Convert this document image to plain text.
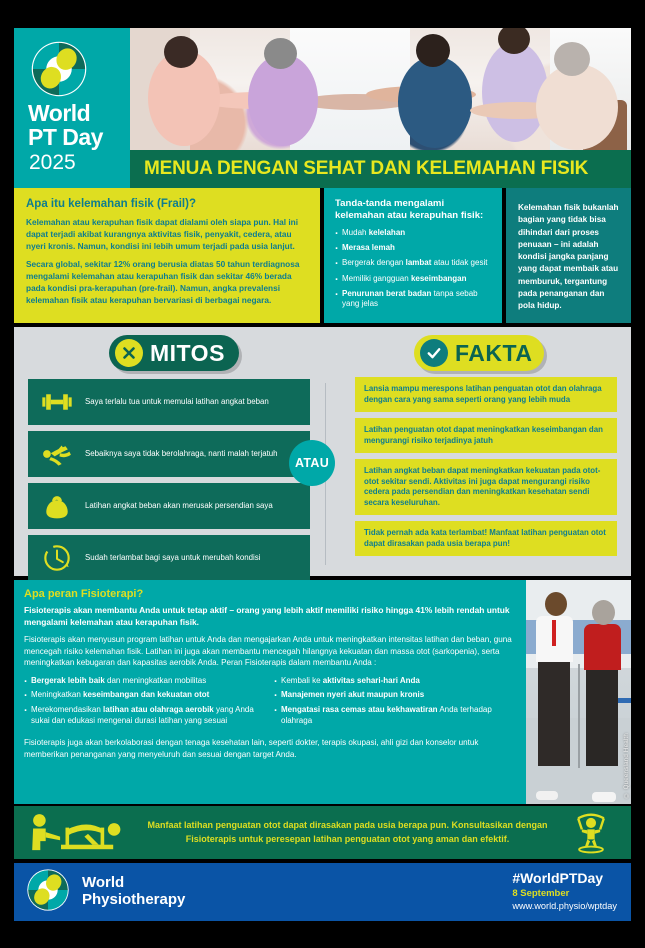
World
PT Day
2025	MENUA DENGAN SEHAT DAN KELEMAHAN FISIK
Apa itu kelemahan fisik (Frail)?

Kelemahan atau kerapuhan fisik dapat dialami oleh siapa pun. Hal ini dapat terjadi akibat kurangnya aktivitas fisik, penyakit, cedera, atau nyeri kronis. Namun, kondisi ini lebih umum terjadi pada usia lanjut.

Secara global, sekitar 12% orang berusia diatas 50 tahun terdiagnosa mengalami kelemahan atau kerapuhan fisik dan sekitar 46% berada pada kondisi pra-kerapuhan (pre-frail). Namun, angka prevalensi kelemahan fisik atau kerapuhan bervariasi di berbagai negara.

Tanda-tanda mengalami kelemahan atau kerapuhan fisik:
· Mudah kelelahan
· Merasa lemah
· Bergerak dengan lambat atau tidak gesit
· Memiliki gangguan keseimbangan
· Penurunan berat badan tanpa sebab yang jelas

Kelemahan fisik bukanlah bagian yang tidak bisa dihindari dari proses penuaan – ini adalah kondisi jangka panjang yang dapat membaik atau memburuk, tergantung pada penanganan dan pola hidup.

MITOS	FAKTA

Saya terlalu tua untuk memulai latihan angkat beban

Sebaiknya saya tidak berolahraga, nanti malah terjatuh

Latihan angkat beban akan merusak persendian saya

Sudah terlambat bagi saya untuk merubah kondisi

Lansia mampu merespons latihan penguatan otot dan olahraga dengan cara yang sama seperti orang yang lebih muda

Latihan penguatan otot dapat meningkatkan keseimbangan dan mengurangi risiko terjadinya jatuh

Latihan angkat beban dapat meningkatkan kekuatan pada otot-otot sekitar sendi. Aktivitas ini juga dapat mengurangi risiko cedera pada persendian dan meningkatkan kesehatan sendi secara keseluruhan.

Tidak pernah ada kata terlambat! Manfaat latihan penguatan otot dapat dirasakan pada usia berapa pun!

ATAU
Apa peran Fisioterapi?
Fisioterapis akan membantu Anda untuk tetap aktif – orang yang lebih aktif memiliki risiko hingga 41% lebih rendah untuk mengalami kelemahan atau kerapuhan fisik.
Fisioterapis akan menyusun program latihan untuk Anda dan mengajarkan Anda untuk meningkatkan intensitas latihan dan beban, guna mencegah risiko kelemahan fisik. Latihan ini juga akan membantu mencegah hilangnya kekuatan dan massa otot (sarkopenia), serta meningkatkan kebugaran dan kapasitas aerobik Anda. Peran Fisioterapis dalam membantu Anda :
· Bergerak lebih baik dan meningkatkan mobilitas
· Meningkatkan keseimbangan dan kekuatan otot
· Merekomendasikan latihan atau olahraga aerobik yang Anda sukai dan edukasi mengenai durasi latihan yang sesuai
· Kembali ke aktivitas sehari-hari Anda
· Manajemen nyeri akut maupun kronis
· Mengatasi rasa cemas atau kekhawatiran Anda terhadap olahraga
Fisioterapis juga akan berkolaborasi dengan tenaga kesehatan lain, seperti dokter, terapis okupasi, ahli gizi dan konselor untuk memberikan penanganan yang menyeluruh dan sesuai dengan target Anda.	© Queensland Health

Manfaat latihan penguatan otot dapat dirasakan pada usia berapa pun. Konsultasikan dengan Fisioterapis untuk peresepan latihan penguatan otot yang aman dan efektif.

World
Physiotherapy
#WorldPTDay
8 September
www.world.physio/wptday
